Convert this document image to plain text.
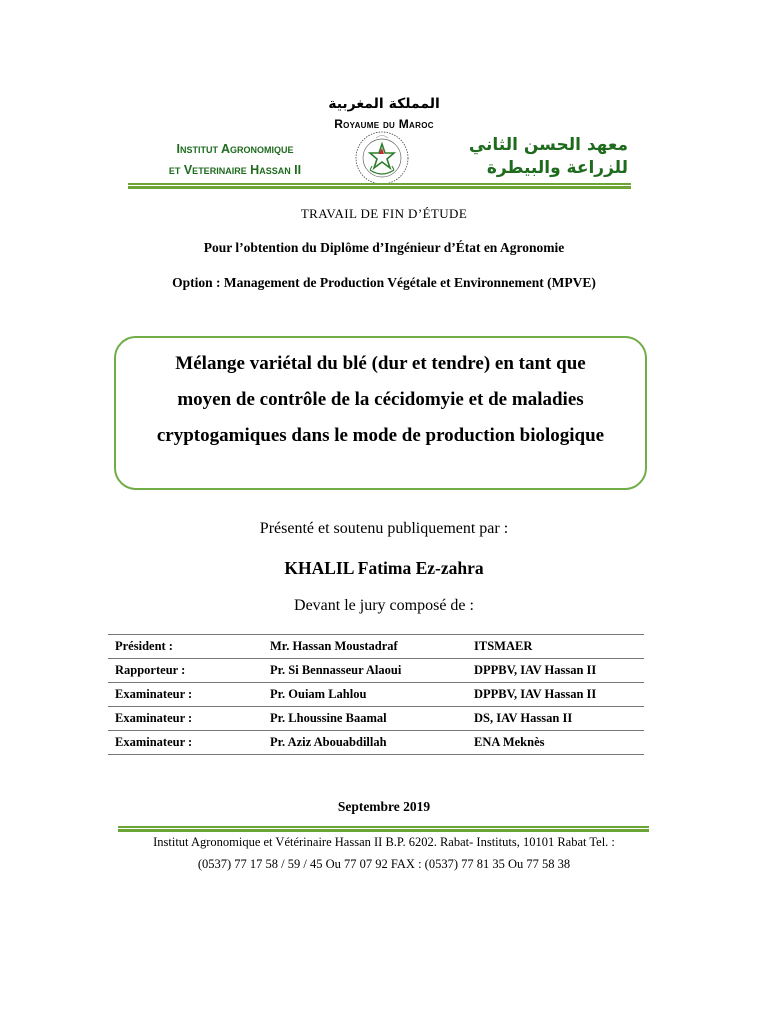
المملكة المغربية
Royaume du Maroc
Institut Agronomique
et Veterinaire Hassan II
معهد الحسن الثاني
للزراعة والبيطرة
TRAVAIL DE FIN D’ÉTUDE
Pour l’obtention du Diplôme d’Ingénieur d’État en Agronomie
Option : Management de Production Végétale et Environnement (MPVE)
Mélange variétal du blé (dur et tendre) en tant que
moyen de contrôle de la cécidomyie et de maladies
cryptogamiques dans le mode de production biologique
Présenté et soutenu publiquement par :
KHALIL Fatima Ez-zahra
Devant le jury composé de :
Président :	Mr. Hassan Moustadraf	ITSMAER
Rapporteur :	Pr. Si Bennasseur Alaoui	DPPBV, IAV Hassan II
Examinateur :	Pr. Ouiam Lahlou	DPPBV, IAV Hassan II
Examinateur :	Pr. Lhoussine Baamal	DS, IAV Hassan II
Examinateur :	Pr. Aziz Abouabdillah	ENA Meknès
Septembre 2019
Institut Agronomique et Vétérinaire Hassan II B.P. 6202. Rabat- Instituts, 10101 Rabat Tel. :
(0537) 77 17 58 / 59 / 45 Ou 77 07 92 FAX : (0537) 77 81 35 Ou 77 58 38
